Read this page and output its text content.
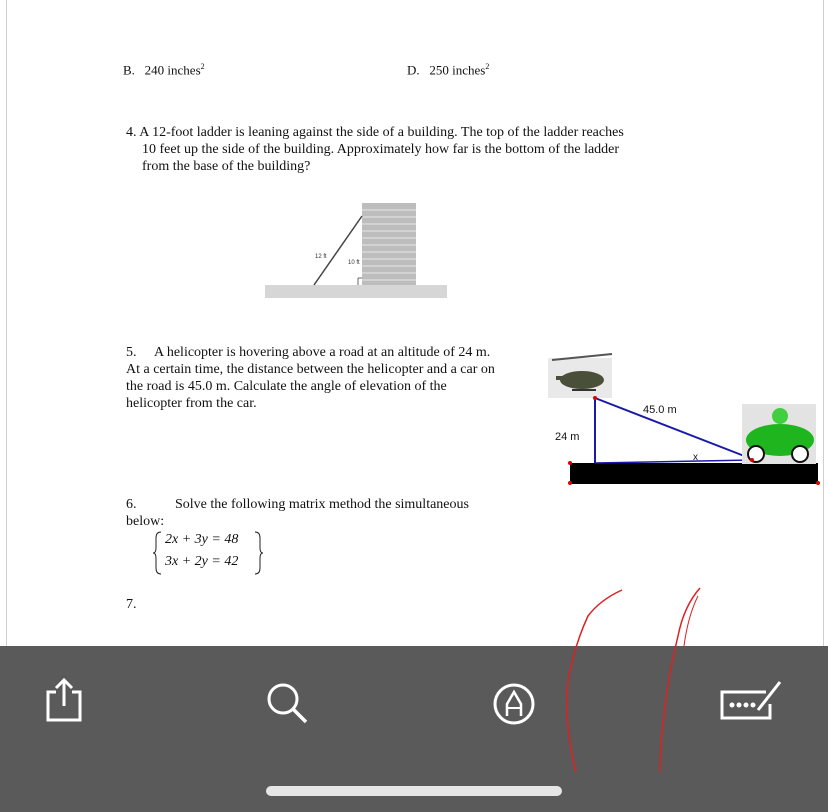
B. 240 inches$^2$	D. 250 inches$^2$
4. A 12-foot ladder is leaning against the side of a building. The top of the ladder reaches
10 feet up the side of the building. Approximately how far is the bottom of the ladder
from the base of the building?
12 ft
10 ft
5. A helicopter is hovering above a road at an altitude of 24 m.
At a certain time, the distance between the helicopter and a car on
the road is 45.0 m. Calculate the angle of elevation of the
helicopter from the car.	45.0 m
24 m
x
6.	Solve the following matrix method the simultaneous
below:
2x + 3y = 48
3x + 2y = 42
7.
